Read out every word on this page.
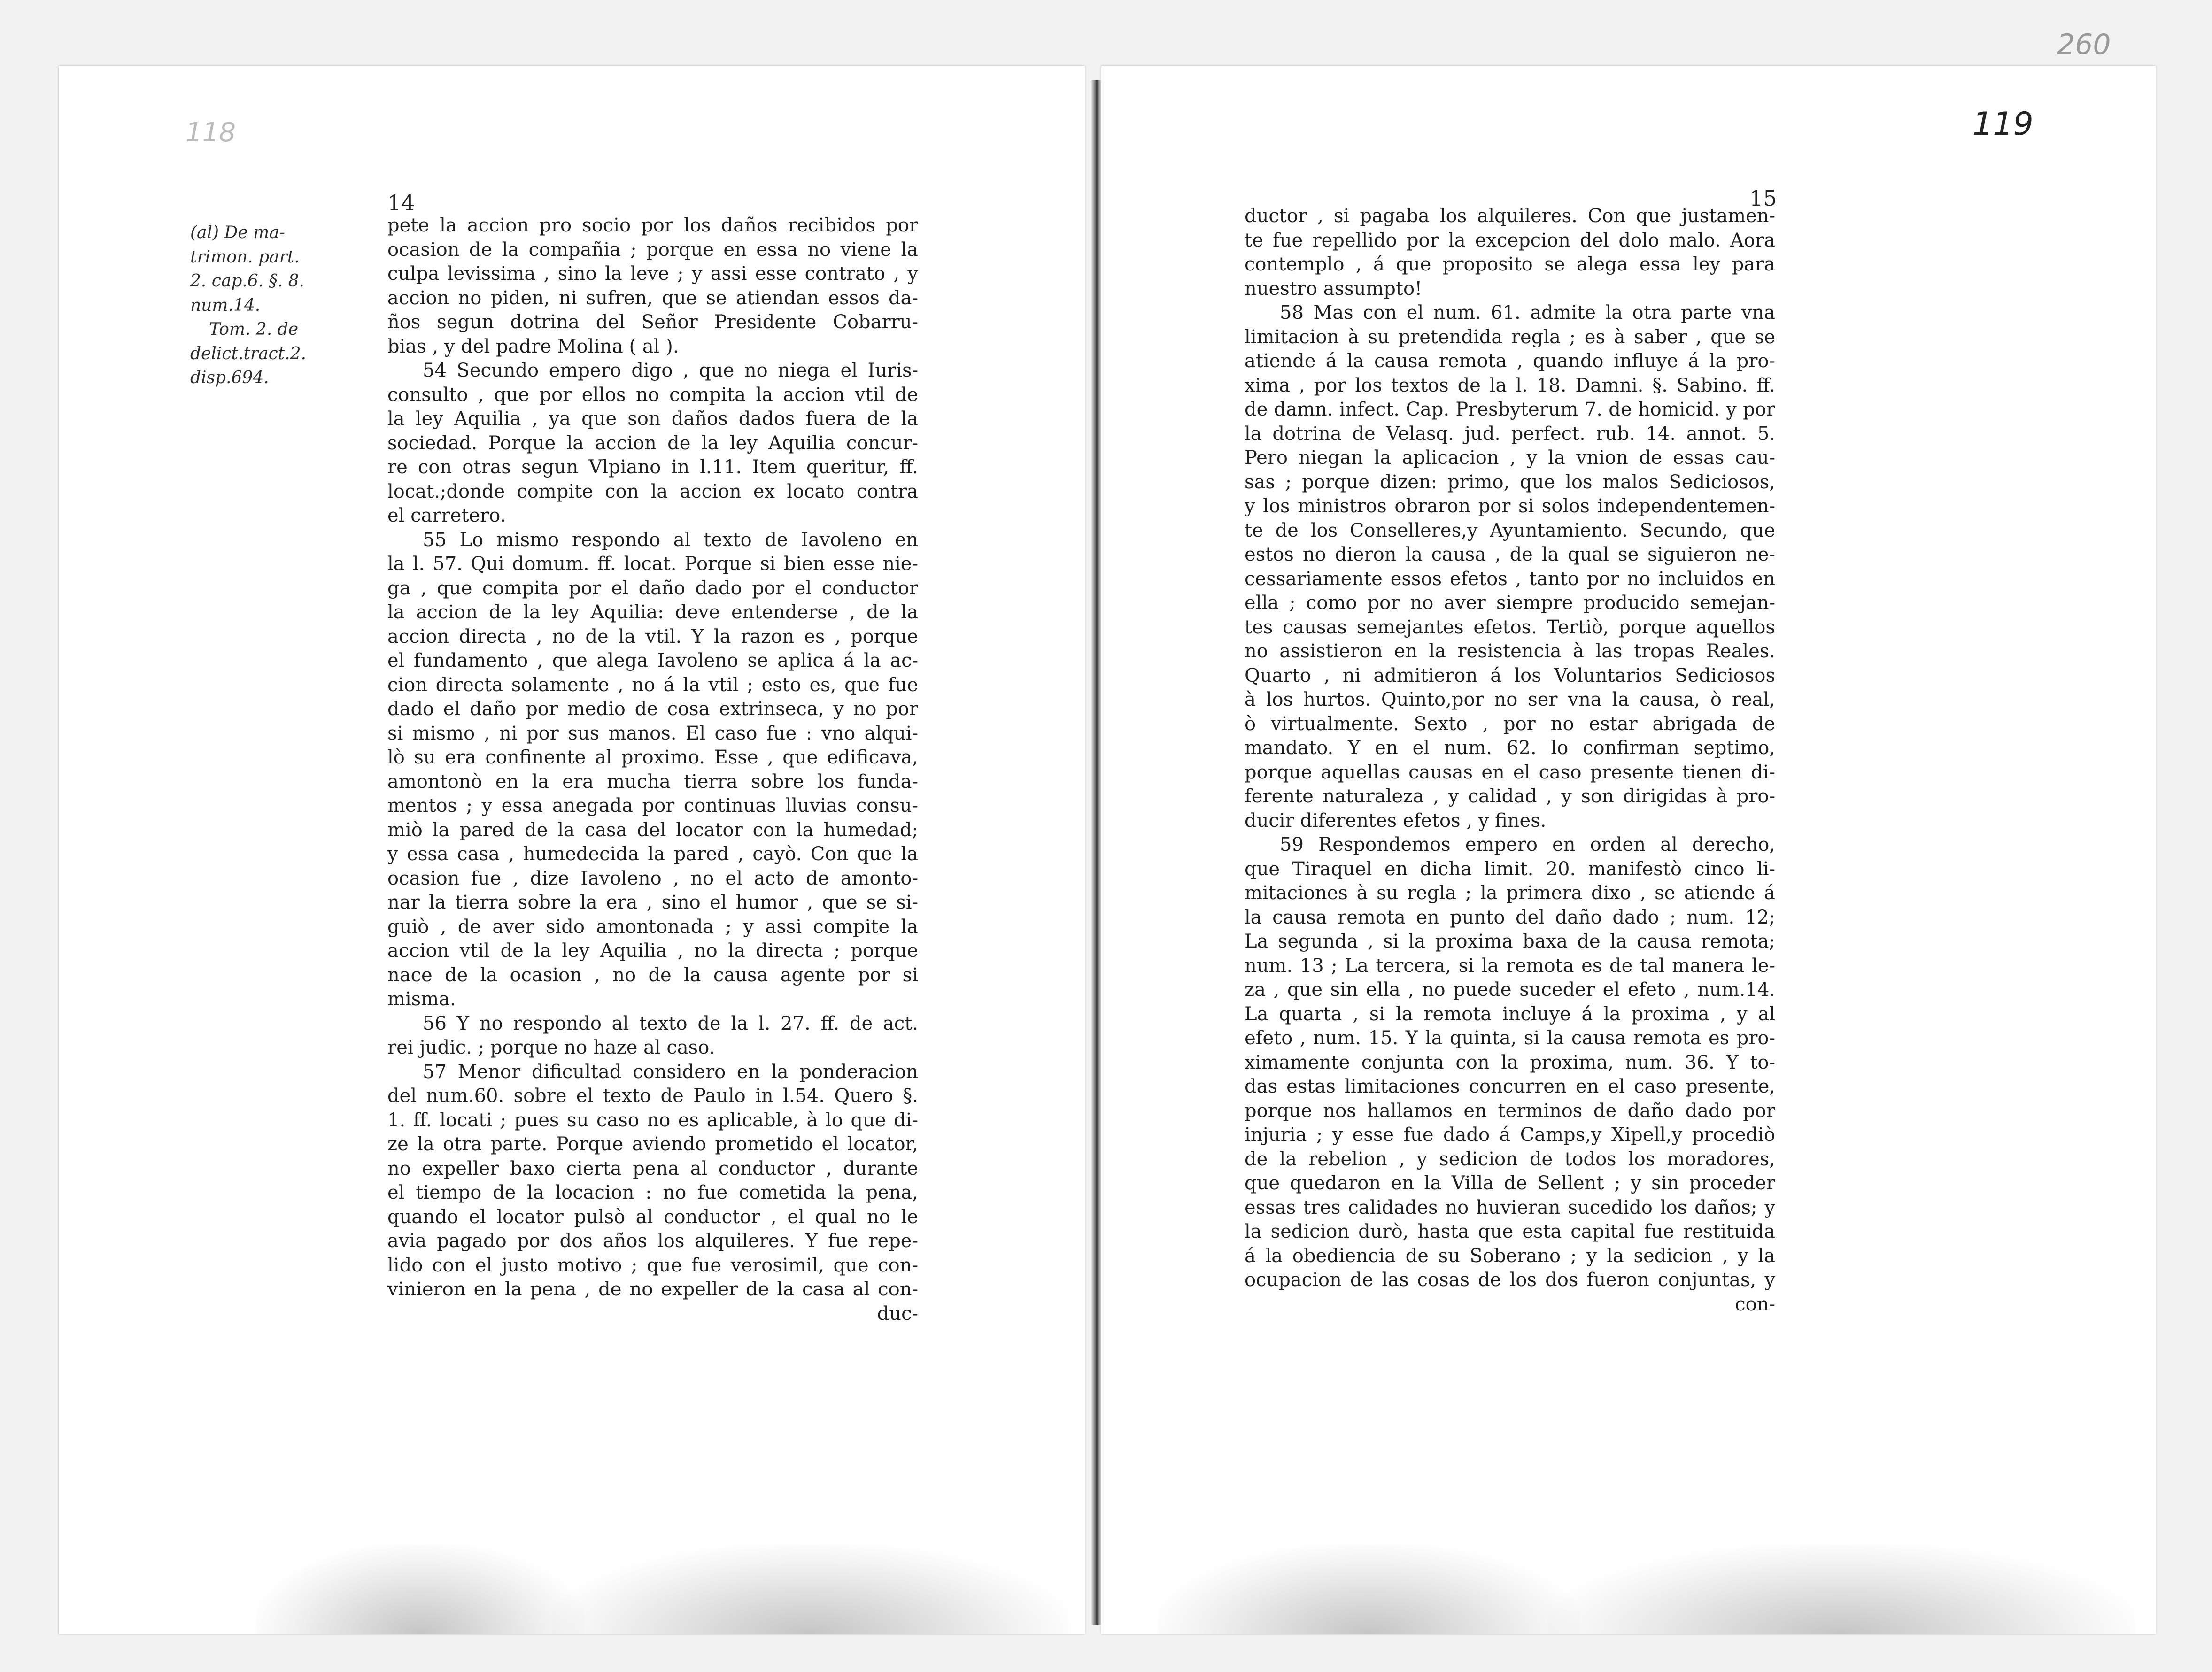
118
14
(al) De ma-
trimon. part.
2. cap.6. §. 8.
num.14.
Tom. 2. de
delict.tract.2.
disp.694.
pete la accion pro socio por los daños recibidos por
ocasion de la compañia ; porque en essa no viene la
culpa levissima , sino la leve ; y assi esse contrato , y
accion no piden, ni sufren, que se atiendan essos da-
ños segun dotrina del Señor Presidente Cobarru-
bias , y del padre Molina ( al ).
54 Secundo empero digo , que no niega el Iuris-
consulto , que por ellos no compita la accion vtil de
la ley Aquilia , ya que son daños dados fuera de la
sociedad. Porque la accion de la ley Aquilia concur-
re con otras segun Vlpiano in l.11. Item queritur, ff.
locat.;donde compite con la accion ex locato contra
el carretero.
55 Lo mismo respondo al texto de Iavoleno en
la l. 57. Qui domum. ff. locat. Porque si bien esse nie-
ga , que compita por el daño dado por el conductor
la accion de la ley Aquilia: deve entenderse , de la
accion directa , no de la vtil. Y la razon es , porque
el fundamento , que alega Iavoleno se aplica á la ac-
cion directa solamente , no á la vtil ; esto es, que fue
dado el daño por medio de cosa extrinseca, y no por
si mismo , ni por sus manos. El caso fue : vno alqui-
lò su era confinente al proximo. Esse , que edificava,
amontonò en la era mucha tierra sobre los funda-
mentos ; y essa anegada por continuas lluvias consu-
miò la pared de la casa del locator con la humedad;
y essa casa , humedecida la pared , cayò. Con que la
ocasion fue , dize Iavoleno , no el acto de amonto-
nar la tierra sobre la era , sino el humor , que se si-
guiò , de aver sido amontonada ; y assi compite la
accion vtil de la ley Aquilia , no la directa ; porque
nace de la ocasion , no de la causa agente por si
misma.
56 Y no respondo al texto de la l. 27. ff. de act.
rei judic. ; porque no haze al caso.
57 Menor dificultad considero en la ponderacion
del num.60. sobre el texto de Paulo in l.54. Quero §.
1. ff. locati ; pues su caso no es aplicable, à lo que di-
ze la otra parte. Porque aviendo prometido el locator,
no expeller baxo cierta pena al conductor , durante
el tiempo de la locacion : no fue cometida la pena,
quando el locator pulsò al conductor , el qual no le
avia pagado por dos años los alquileres. Y fue repe-
lido con el justo motivo ; que fue verosimil, que con-
vinieron en la pena , de no expeller de la casa al con-
duc-
260
119
15
ductor , si pagaba los alquileres. Con que justamen-
te fue repellido por la excepcion del dolo malo. Aora
contemplo , á que proposito se alega essa ley para
nuestro assumpto!
58 Mas con el num. 61. admite la otra parte vna
limitacion à su pretendida regla ; es à saber , que se
atiende á la causa remota , quando influye á la pro-
xima , por los textos de la l. 18. Damni. §. Sabino. ff.
de damn. infect. Cap. Presbyterum 7. de homicid. y por
la dotrina de Velasq. jud. perfect. rub. 14. annot. 5.
Pero niegan la aplicacion , y la vnion de essas cau-
sas ; porque dizen: primo, que los malos Sediciosos,
y los ministros obraron por si solos independentemen-
te de los Conselleres,y Ayuntamiento. Secundo, que
estos no dieron la causa , de la qual se siguieron ne-
cessariamente essos efetos , tanto por no incluidos en
ella ; como por no aver siempre producido semejan-
tes causas semejantes efetos. Tertiò, porque aquellos
no assistieron en la resistencia à las tropas Reales.
Quarto , ni admitieron á los Voluntarios Sediciosos
à los hurtos. Quinto,por no ser vna la causa, ò real,
ò virtualmente. Sexto , por no estar abrigada de
mandato. Y en el num. 62. lo confirman septimo,
porque aquellas causas en el caso presente tienen di-
ferente naturaleza , y calidad , y son dirigidas à pro-
ducir diferentes efetos , y fines.
59 Respondemos empero en orden al derecho,
que Tiraquel en dicha limit. 20. manifestò cinco li-
mitaciones à su regla ; la primera dixo , se atiende á
la causa remota en punto del daño dado ; num. 12;
La segunda , si la proxima baxa de la causa remota;
num. 13 ; La tercera, si la remota es de tal manera le-
za , que sin ella , no puede suceder el efeto , num.14.
La quarta , si la remota incluye á la proxima , y al
efeto , num. 15. Y la quinta, si la causa remota es pro-
ximamente conjunta con la proxima, num. 36. Y to-
das estas limitaciones concurren en el caso presente,
porque nos hallamos en terminos de daño dado por
injuria ; y esse fue dado á Camps,y Xipell,y procediò
de la rebelion , y sedicion de todos los moradores,
que quedaron en la Villa de Sellent ; y sin proceder
essas tres calidades no huvieran sucedido los daños; y
la sedicion durò, hasta que esta capital fue restituida
á la obediencia de su Soberano ; y la sedicion , y la
ocupacion de las cosas de los dos fueron conjuntas, y
con-
